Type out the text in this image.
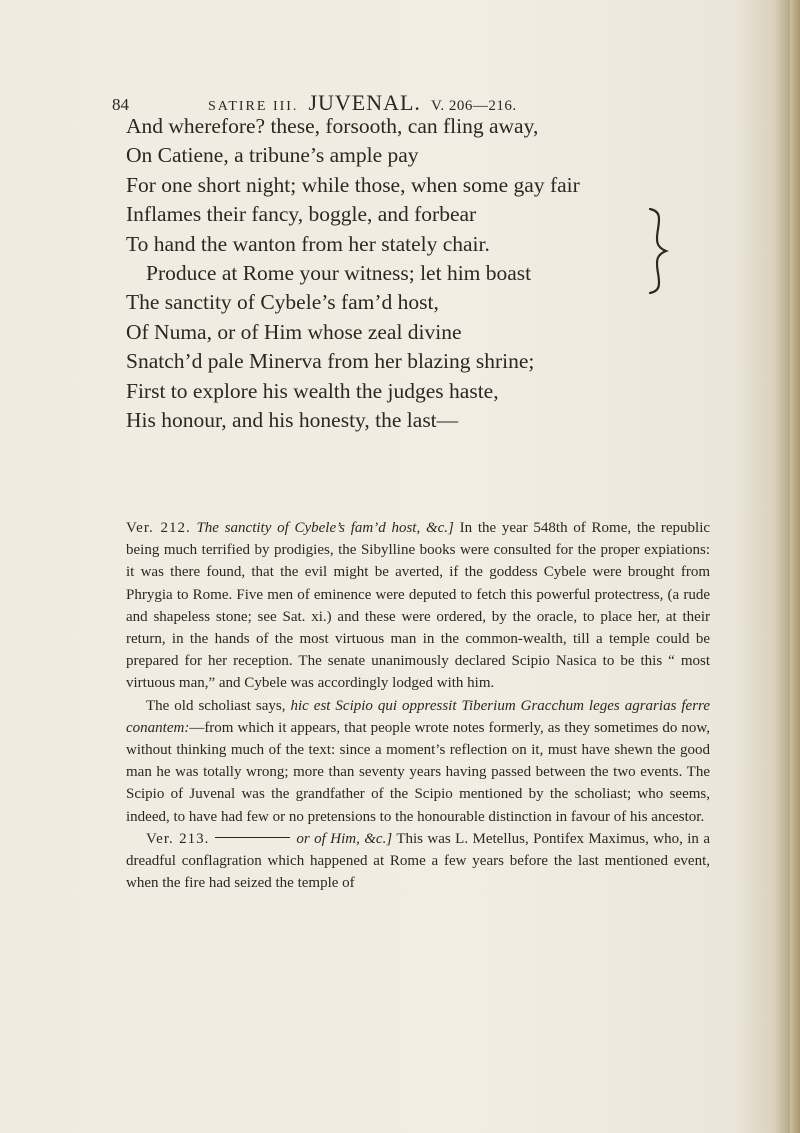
84	SATIRE III. JUVENAL. V. 206—216.
And wherefore? these, forsooth, can fling away,
On Catiene, a tribune’s ample pay
For one short night; while those, when some gay fair
Inflames their fancy, boggle, and forbear
To hand the wanton from her stately chair.
Produce at Rome your witness; let him boast
The sanctity of Cybele’s fam’d host,
Of Numa, or of Him whose zeal divine
Snatch’d pale Minerva from her blazing shrine;
First to explore his wealth the judges haste,
His honour, and his honesty, the last—

Ver. 212. The sanctity of Cybele’s fam’d host, &c.] In the year 548th of Rome, the republic being much terrified by prodigies, the Sibylline books were consulted for the proper expiations: it was there found, that the evil might be averted, if the goddess Cybele were brought from Phrygia to Rome. Five men of eminence were deputed to fetch this powerful protectress, (a rude and shapeless stone; see Sat. xi.) and these were ordered, by the oracle, to place her, at their return, in the hands of the most virtuous man in the common-wealth, till a temple could be prepared for her reception. The senate unanimously declared Scipio Nasica to be this “ most virtuous man,” and Cybele was accordingly lodged with him.

The old scholiast says, hic est Scipio qui oppressit Tiberium Gracchum leges agrarias ferre conantem:—from which it appears, that people wrote notes formerly, as they sometimes do now, without thinking much of the text: since a moment’s reflection on it, must have shewn the good man he was totally wrong; more than seventy years having passed between the two events. The Scipio of Juvenal was the grandfather of the Scipio mentioned by the scholiast; who seems, indeed, to have had few or no pretensions to the honourable distinction in favour of his ancestor.

Ver. 213.	or of Him, &c.] This was L. Metellus, Pontifex Maximus, who, in a dreadful conflagration which happened at Rome a few years before the last mentioned event, when the fire had seized the temple of
